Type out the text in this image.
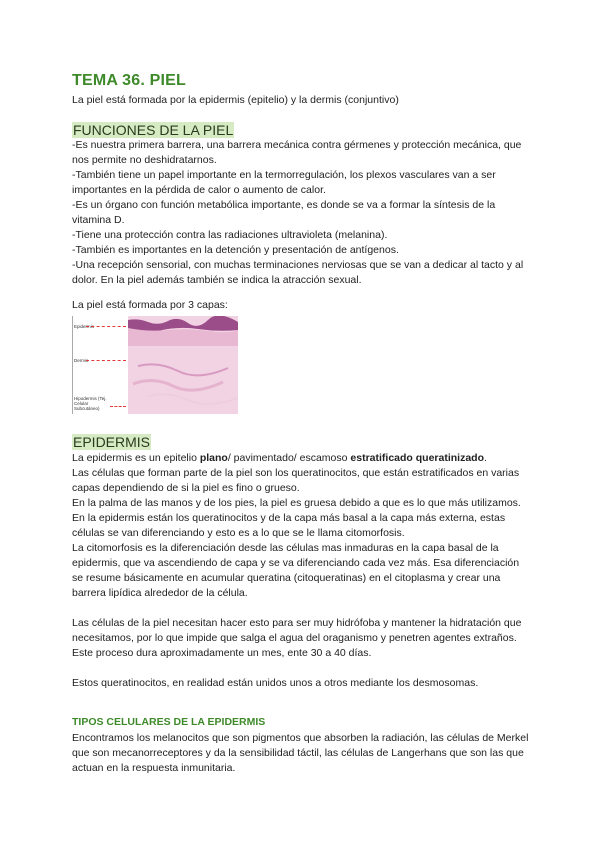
TEMA 36. PIEL
La piel está formada por la epidermis (epitelio) y la dermis (conjuntivo)
FUNCIONES DE LA PIEL

-Es nuestra primera barrera, una barrera mecánica contra gérmenes y protección mecánica, que nos permite no deshidratarnos.

-También tiene un papel importante en la termorregulación, los plexos vasculares van a ser importantes en la pérdida de calor o aumento de calor.

-Es un órgano con función metabólica importante, es donde se va a formar la síntesis de la vitamina D.

-Tiene una protección contra las radiaciones ultravioleta (melanina).

-También es importantes en la detención y presentación de antígenos.

-Una recepción sensorial, con muchas terminaciones nerviosas que se van a dedicar al tacto y al dolor. En la piel además también se indica la atracción sexual.

La piel está formada por 3 capas:
Epidermis
Dermis
Hipodermis (Tej. Celular Subcutáneo)
EPIDERMIS

La epidermis es un epitelio plano/ pavimentado/ escamoso estratificado queratinizado.

Las células que forman parte de la piel son los queratinocitos, que están estratificados en varias capas dependiendo de si la piel es fino o grueso.

En la palma de las manos y de los pies, la piel es gruesa debido a que es lo que más utilizamos.

En la epidermis están los queratinocitos y de la capa más basal a la capa más externa, estas células se van diferenciando y esto es a lo que se le llama citomorfosis.

La citomorfosis es la diferenciación desde las células mas inmaduras en la capa basal de la epidermis, que va ascendiendo de capa y se va diferenciando cada vez más. Esa diferenciación se resume básicamente en acumular queratina (citoqueratinas) en el citoplasma y crear una barrera lipídica alrededor de la célula.

Las células de la piel necesitan hacer esto para ser muy hidrófoba y mantener la hidratación que necesitamos, por lo que impide que salga el agua del oraganismo y penetren agentes extraños. Este proceso dura aproximadamente un mes, ente 30 a 40 días.

Estos queratinocitos, en realidad están unidos unos a otros mediante los desmosomas.

TIPOS CELULARES DE LA EPIDERMIS
Encontramos los melanocitos que son pigmentos que absorben la radiación, las células de Merkel que son mecanorreceptores y da la sensibilidad táctil, las células de Langerhans que son las que actuan en la respuesta inmunitaria.
